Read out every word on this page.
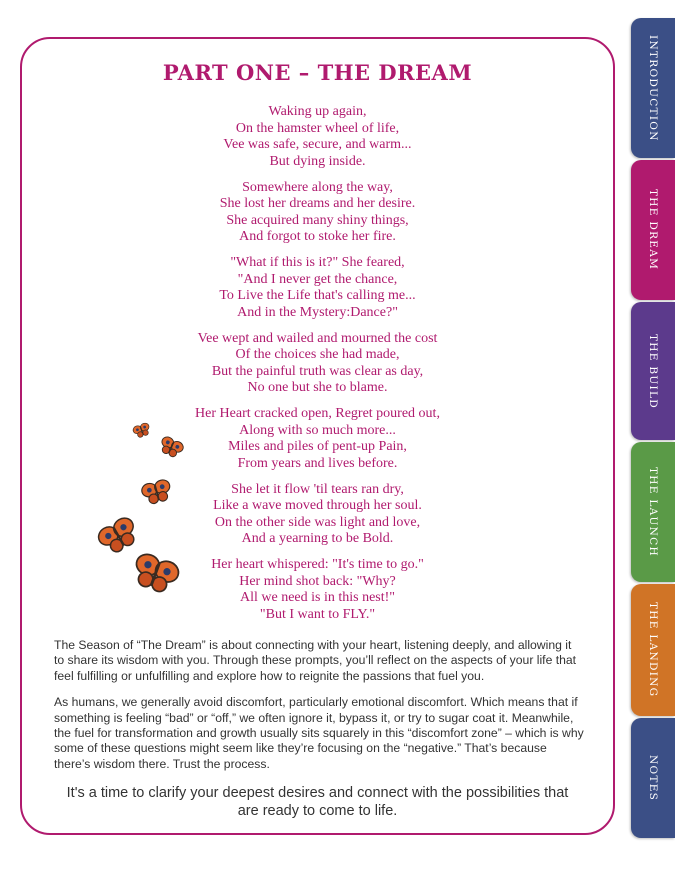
PART ONE – THE DREAM
Waking up again,
On the hamster wheel of life,
Vee was safe, secure, and warm...
But dying inside.
Somewhere along the way,
She lost her dreams and her desire.
She acquired many shiny things,
And forgot to stoke her fire.
"What if this is it?" She feared,
"And I never get the chance,
To Live the Life that's calling me...
And in the Mystery:Dance?"
Vee wept and wailed and mourned the cost
Of the choices she had made,
But the painful truth was clear as day,
No one but she to blame.
Her Heart cracked open, Regret poured out,
Along with so much more...
Miles and piles of pent-up Pain,
From years and lives before.
She let it flow 'til tears ran dry,
Like a wave moved through her soul.
On the other side was light and love,
And a yearning to be Bold.
Her heart whispered: "It's time to go."
Her mind shot back: "Why?
All we need is in this nest!"
"But I want to FLY."

The Season of “The Dream” is about connecting with your heart, listening deeply, and allowing it to share its wisdom with you. Through these prompts, you’ll reflect on the aspects of your life that feel fulfilling or unfulfilling and explore how to reignite the passions that fuel you.

As humans, we generally avoid discomfort, particularly emotional discomfort. Which means that if something is feeling “bad” or “off,” we often ignore it, bypass it, or try to sugar coat it. Meanwhile, the fuel for transformation and growth usually sits squarely in this “discomfort zone” – which is why some of these questions might seem like they’re focusing on the “negative.” That’s because there’s wisdom there. Trust the process.

It's a time to clarify your deepest desires and connect with the possibilities that are ready to come to life.
INTRODUCTION
THE DREAM
THE BUILD
THE LAUNCH
THE LANDING
NOTES
